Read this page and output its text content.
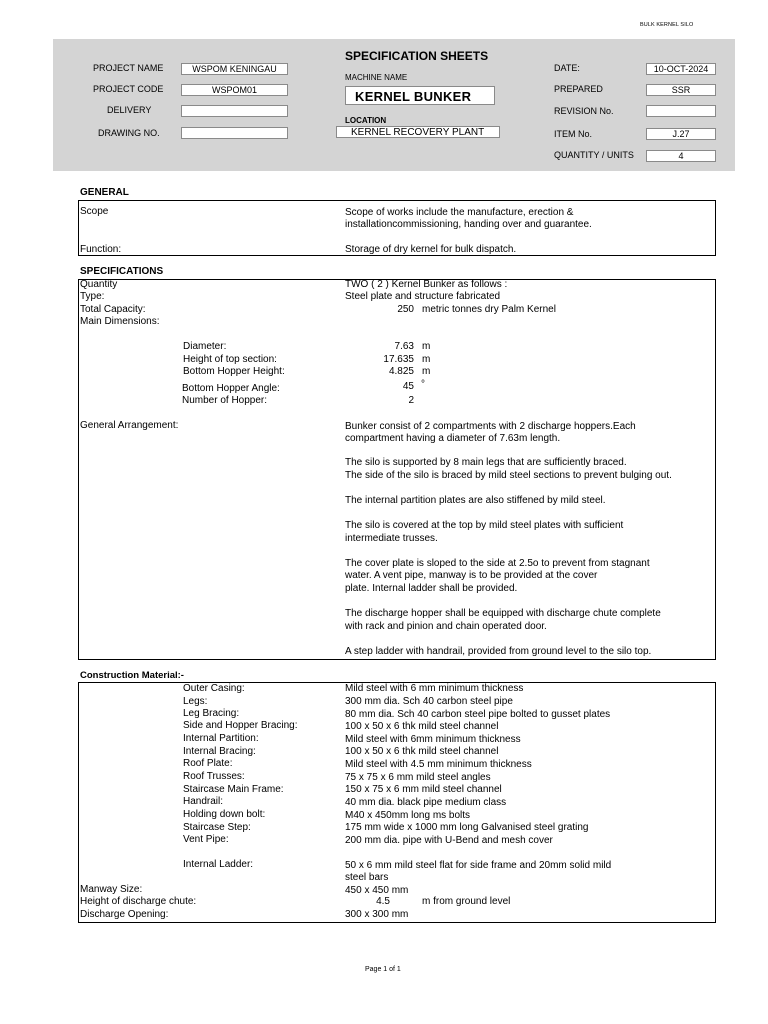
BULK KERNEL SILO
SPECIFICATION SHEETS
PROJECT NAME	WSPOM KENINGAU
PROJECT CODE	WSPOM01
DELIVERY
DRAWING NO.
MACHINE NAME
KERNEL BUNKER
LOCATION
KERNEL RECOVERY PLANT
DATE:	10-OCT-2024
PREPARED	SSR
REVISION No.
ITEM No.	J.27
QUANTITY / UNITS	4
GENERAL
Scope	Scope of works include the manufacture, erection &
installationcommissioning, handing over and guarantee.
Function:	Storage of dry kernel for bulk dispatch.
SPECIFICATIONS
Quantity	TWO ( 2 ) Kernel Bunker as follows :
Type:	Steel plate and structure fabricated
Total Capacity:	250 metric tonnes dry Palm Kernel
Main Dimensions:
Diameter:	7.63 m
Height of top section:	17.635 m
Bottom Hopper Height:	4.825 m
Bottom Hopper Angle:	45 °
Number of Hopper:	2
General Arrangement:	Bunker consist of 2 compartments with 2 discharge hoppers.Each
compartment having a diameter of 7.63m length.
The silo is supported by 8 main legs that are sufficiently braced.
The side of the silo is braced by mild steel sections to prevent bulging out.
The internal partition plates are also stiffened by mild steel.
The silo is covered at the top by mild steel plates with sufficient
intermediate trusses.
The cover plate is sloped to the side at 2.5o to prevent from stagnant
water. A vent pipe, manway is to be provided at the cover
plate. Internal ladder shall be provided.
The discharge hopper shall be equipped with discharge chute complete
with rack and pinion and chain operated door.
A step ladder with handrail, provided from ground level to the silo top.
Construction Material:-
Outer Casing:	Mild steel with 6 mm minimum thickness
Legs:	300 mm dia. Sch 40 carbon steel pipe
Leg Bracing:	80 mm dia. Sch 40 carbon steel pipe bolted to gusset plates
Side and Hopper Bracing:	100 x 50 x 6 thk mild steel channel
Internal Partition:	Mild steel with 6mm minimum thickness
Internal Bracing:	100 x 50 x 6 thk mild steel channel
Roof Plate:	Mild steel with 4.5 mm minimum thickness
Roof Trusses:	75 x 75 x 6 mm mild steel angles
Staircase Main Frame:	150 x 75 x 6 mm mild steel channel
Handrail:	40 mm dia. black pipe medium class
Holding down bolt:	M40 x 450mm long ms bolts
Staircase Step:	175 mm wide x 1000 mm long Galvanised steel grating
Vent Pipe:	200 mm dia. pipe with U-Bend and mesh cover
Internal Ladder:	50 x 6 mm mild steel flat for side frame and 20mm solid mild
steel bars
Manway Size:	450 x 450 mm
Height of discharge chute:	4.5	m from ground level
Discharge Opening:	300 x 300 mm
Page 1 of 1
